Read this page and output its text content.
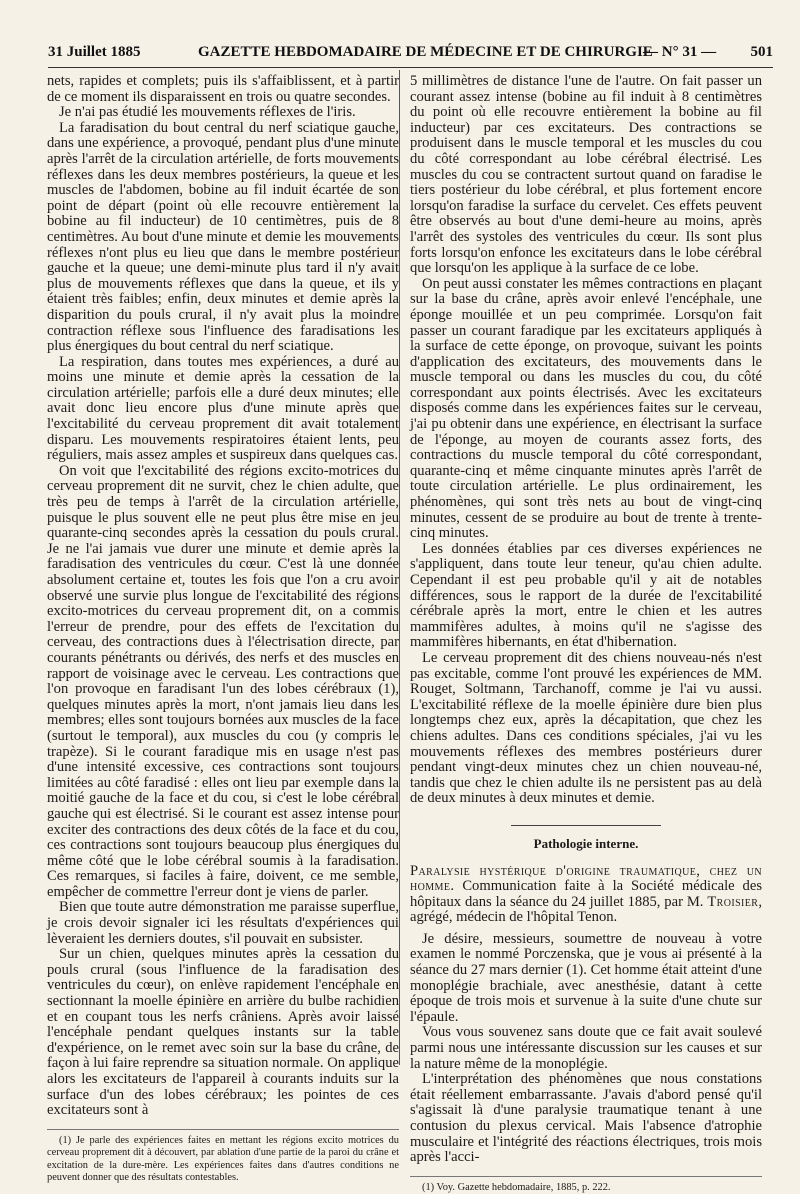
31 Juillet 1885	GAZETTE HEBDOMADAIRE DE MÉDECINE ET DE CHIRURGIE
— N° 31 — 501

nets, rapides et complets; puis ils s'affaiblissent, et à partir de ce moment ils disparaissent en trois ou quatre secondes.

Je n'ai pas étudié les mouvements réflexes de l'iris.

La faradisation du bout central du nerf sciatique gauche, dans une expérience, a provoqué, pendant plus d'une minute après l'arrêt de la circulation artérielle, de forts mouvements réflexes dans les deux membres postérieurs, la queue et les muscles de l'abdomen, bobine au fil induit écartée de son point de départ (point où elle recouvre entièrement la bobine au fil inducteur) de 10 centimètres, puis de 8 centimètres. Au bout d'une minute et demie les mouvements réflexes n'ont plus eu lieu que dans le membre postérieur gauche et la queue; une demi-minute plus tard il n'y avait plus de mouvements réflexes que dans la queue, et ils y étaient très faibles; enfin, deux minutes et demie après la disparition du pouls crural, il n'y avait plus la moindre contraction réflexe sous l'influence des faradisations les plus énergiques du bout central du nerf sciatique.

La respiration, dans toutes mes expériences, a duré au moins une minute et demie après la cessation de la circulation artérielle; parfois elle a duré deux minutes; elle avait donc lieu encore plus d'une minute après que l'excitabilité du cerveau proprement dit avait totalement disparu. Les mouvements respiratoires étaient lents, peu réguliers, mais assez amples et suspireux dans quelques cas.

On voit que l'excitabilité des régions excito-motrices du cerveau proprement dit ne survit, chez le chien adulte, que très peu de temps à l'arrêt de la circulation artérielle, puisque le plus souvent elle ne peut plus être mise en jeu quarante-cinq secondes après la cessation du pouls crural. Je ne l'ai jamais vue durer une minute et demie après la faradisation des ventricules du cœur. C'est là une donnée absolument certaine et, toutes les fois que l'on a cru avoir observé une survie plus longue de l'excitabilité des régions excito-motrices du cerveau proprement dit, on a commis l'erreur de prendre, pour des effets de l'excitation du cerveau, des contractions dues à l'électrisation directe, par courants pénétrants ou dérivés, des nerfs et des muscles en rapport de voisinage avec le cerveau. Les contractions que l'on provoque en faradisant l'un des lobes cérébraux (1), quelques minutes après la mort, n'ont jamais lieu dans les membres; elles sont toujours bornées aux muscles de la face (surtout le temporal), aux muscles du cou (y compris le trapèze). Si le courant faradique mis en usage n'est pas d'une intensité excessive, ces contractions sont toujours limitées au côté faradisé : elles ont lieu par exemple dans la moitié gauche de la face et du cou, si c'est le lobe cérébral gauche qui est électrisé. Si le courant est assez intense pour exciter des contractions des deux côtés de la face et du cou, ces contractions sont toujours beaucoup plus énergiques du même côté que le lobe cérébral soumis à la faradisation. Ces remarques, si faciles à faire, doivent, ce me semble, empêcher de commettre l'erreur dont je viens de parler.

Bien que toute autre démonstration me paraisse superflue, je crois devoir signaler ici les résultats d'expériences qui lèveraient les derniers doutes, s'il pouvait en subsister.

Sur un chien, quelques minutes après la cessation du pouls crural (sous l'influence de la faradisation des ventricules du cœur), on enlève rapidement l'encéphale en sectionnant la moelle épinière en arrière du bulbe rachidien et en coupant tous les nerfs crâniens. Après avoir laissé l'encéphale pendant quelques instants sur la table d'expérience, on le remet avec soin sur la base du crâne, de façon à lui faire reprendre sa situation normale. On applique alors les excitateurs de l'appareil à courants induits sur la surface d'un des lobes cérébraux; les pointes de ces excitateurs sont à

(1) Je parle des expériences faites en mettant les régions excito motrices du cerveau proprement dit à découvert, par ablation d'une partie de la paroi du crâne et excitation de la dure-mère. Les expériences faites dans d'autres conditions ne peuvent donner que des résultats contestables.

5 millimètres de distance l'une de l'autre. On fait passer un courant assez intense (bobine au fil induit à 8 centimètres du point où elle recouvre entièrement la bobine au fil inducteur) par ces excitateurs. Des contractions se produisent dans le muscle temporal et les muscles du cou du côté correspondant au lobe cérébral électrisé. Les muscles du cou se contractent surtout quand on faradise le tiers postérieur du lobe cérébral, et plus fortement encore lorsqu'on faradise la surface du cervelet. Ces effets peuvent être observés au bout d'une demi-heure au moins, après l'arrêt des systoles des ventricules du cœur. Ils sont plus forts lorsqu'on enfonce les excitateurs dans le lobe cérébral que lorsqu'on les applique à la surface de ce lobe.

On peut aussi constater les mêmes contractions en plaçant sur la base du crâne, après avoir enlevé l'encéphale, une éponge mouillée et un peu comprimée. Lorsqu'on fait passer un courant faradique par les excitateurs appliqués à la surface de cette éponge, on provoque, suivant les points d'application des excitateurs, des mouvements dans le muscle temporal ou dans les muscles du cou, du côté correspondant aux points électrisés. Avec les excitateurs disposés comme dans les expériences faites sur le cerveau, j'ai pu obtenir dans une expérience, en électrisant la surface de l'éponge, au moyen de courants assez forts, des contractions du muscle temporal du côté correspondant, quarante-cinq et même cinquante minutes après l'arrêt de toute circulation artérielle. Le plus ordinairement, les phénomènes, qui sont très nets au bout de vingt-cinq minutes, cessent de se produire au bout de trente à trente-cinq minutes.

Les données établies par ces diverses expériences ne s'appliquent, dans toute leur teneur, qu'au chien adulte. Cependant il est peu probable qu'il y ait de notables différences, sous le rapport de la durée de l'excitabilité cérébrale après la mort, entre le chien et les autres mammifères adultes, à moins qu'il ne s'agisse des mammifères hibernants, en état d'hibernation.

Le cerveau proprement dit des chiens nouveau-nés n'est pas excitable, comme l'ont prouvé les expériences de MM. Rouget, Soltmann, Tarchanoff, comme je l'ai vu aussi. L'excitabilité réflexe de la moelle épinière dure bien plus longtemps chez eux, après la décapitation, que chez les chiens adultes. Dans ces conditions spéciales, j'ai vu les mouvements réflexes des membres postérieurs durer pendant vingt-deux minutes chez un chien nouveau-né, tandis que chez le chien adulte ils ne persistent pas au delà de deux minutes à deux minutes et demie.

Pathologie interne.

Paralysie hystérique d'origine traumatique, chez un homme. Communication faite à la Société médicale des hôpitaux dans la séance du 24 juillet 1885, par M. Troisier, agrégé, médecin de l'hôpital Tenon.

Je désire, messieurs, soumettre de nouveau à votre examen le nommé Porczenska, que je vous ai présenté à la séance du 27 mars dernier (1). Cet homme était atteint d'une monoplégie brachiale, avec anesthésie, datant à cette époque de trois mois et survenue à la suite d'une chute sur l'épaule.

Vous vous souvenez sans doute que ce fait avait soulevé parmi nous une intéressante discussion sur les causes et sur la nature même de la monoplégie.

L'interprétation des phénomènes que nous constations était réellement embarrassante. J'avais d'abord pensé qu'il s'agissait là d'une paralysie traumatique tenant à une contusion du plexus cervical. Mais l'absence d'atrophie musculaire et l'intégrité des réactions électriques, trois mois après l'acci-

(1) Voy. Gazette hebdomadaire, 1885, p. 222.
